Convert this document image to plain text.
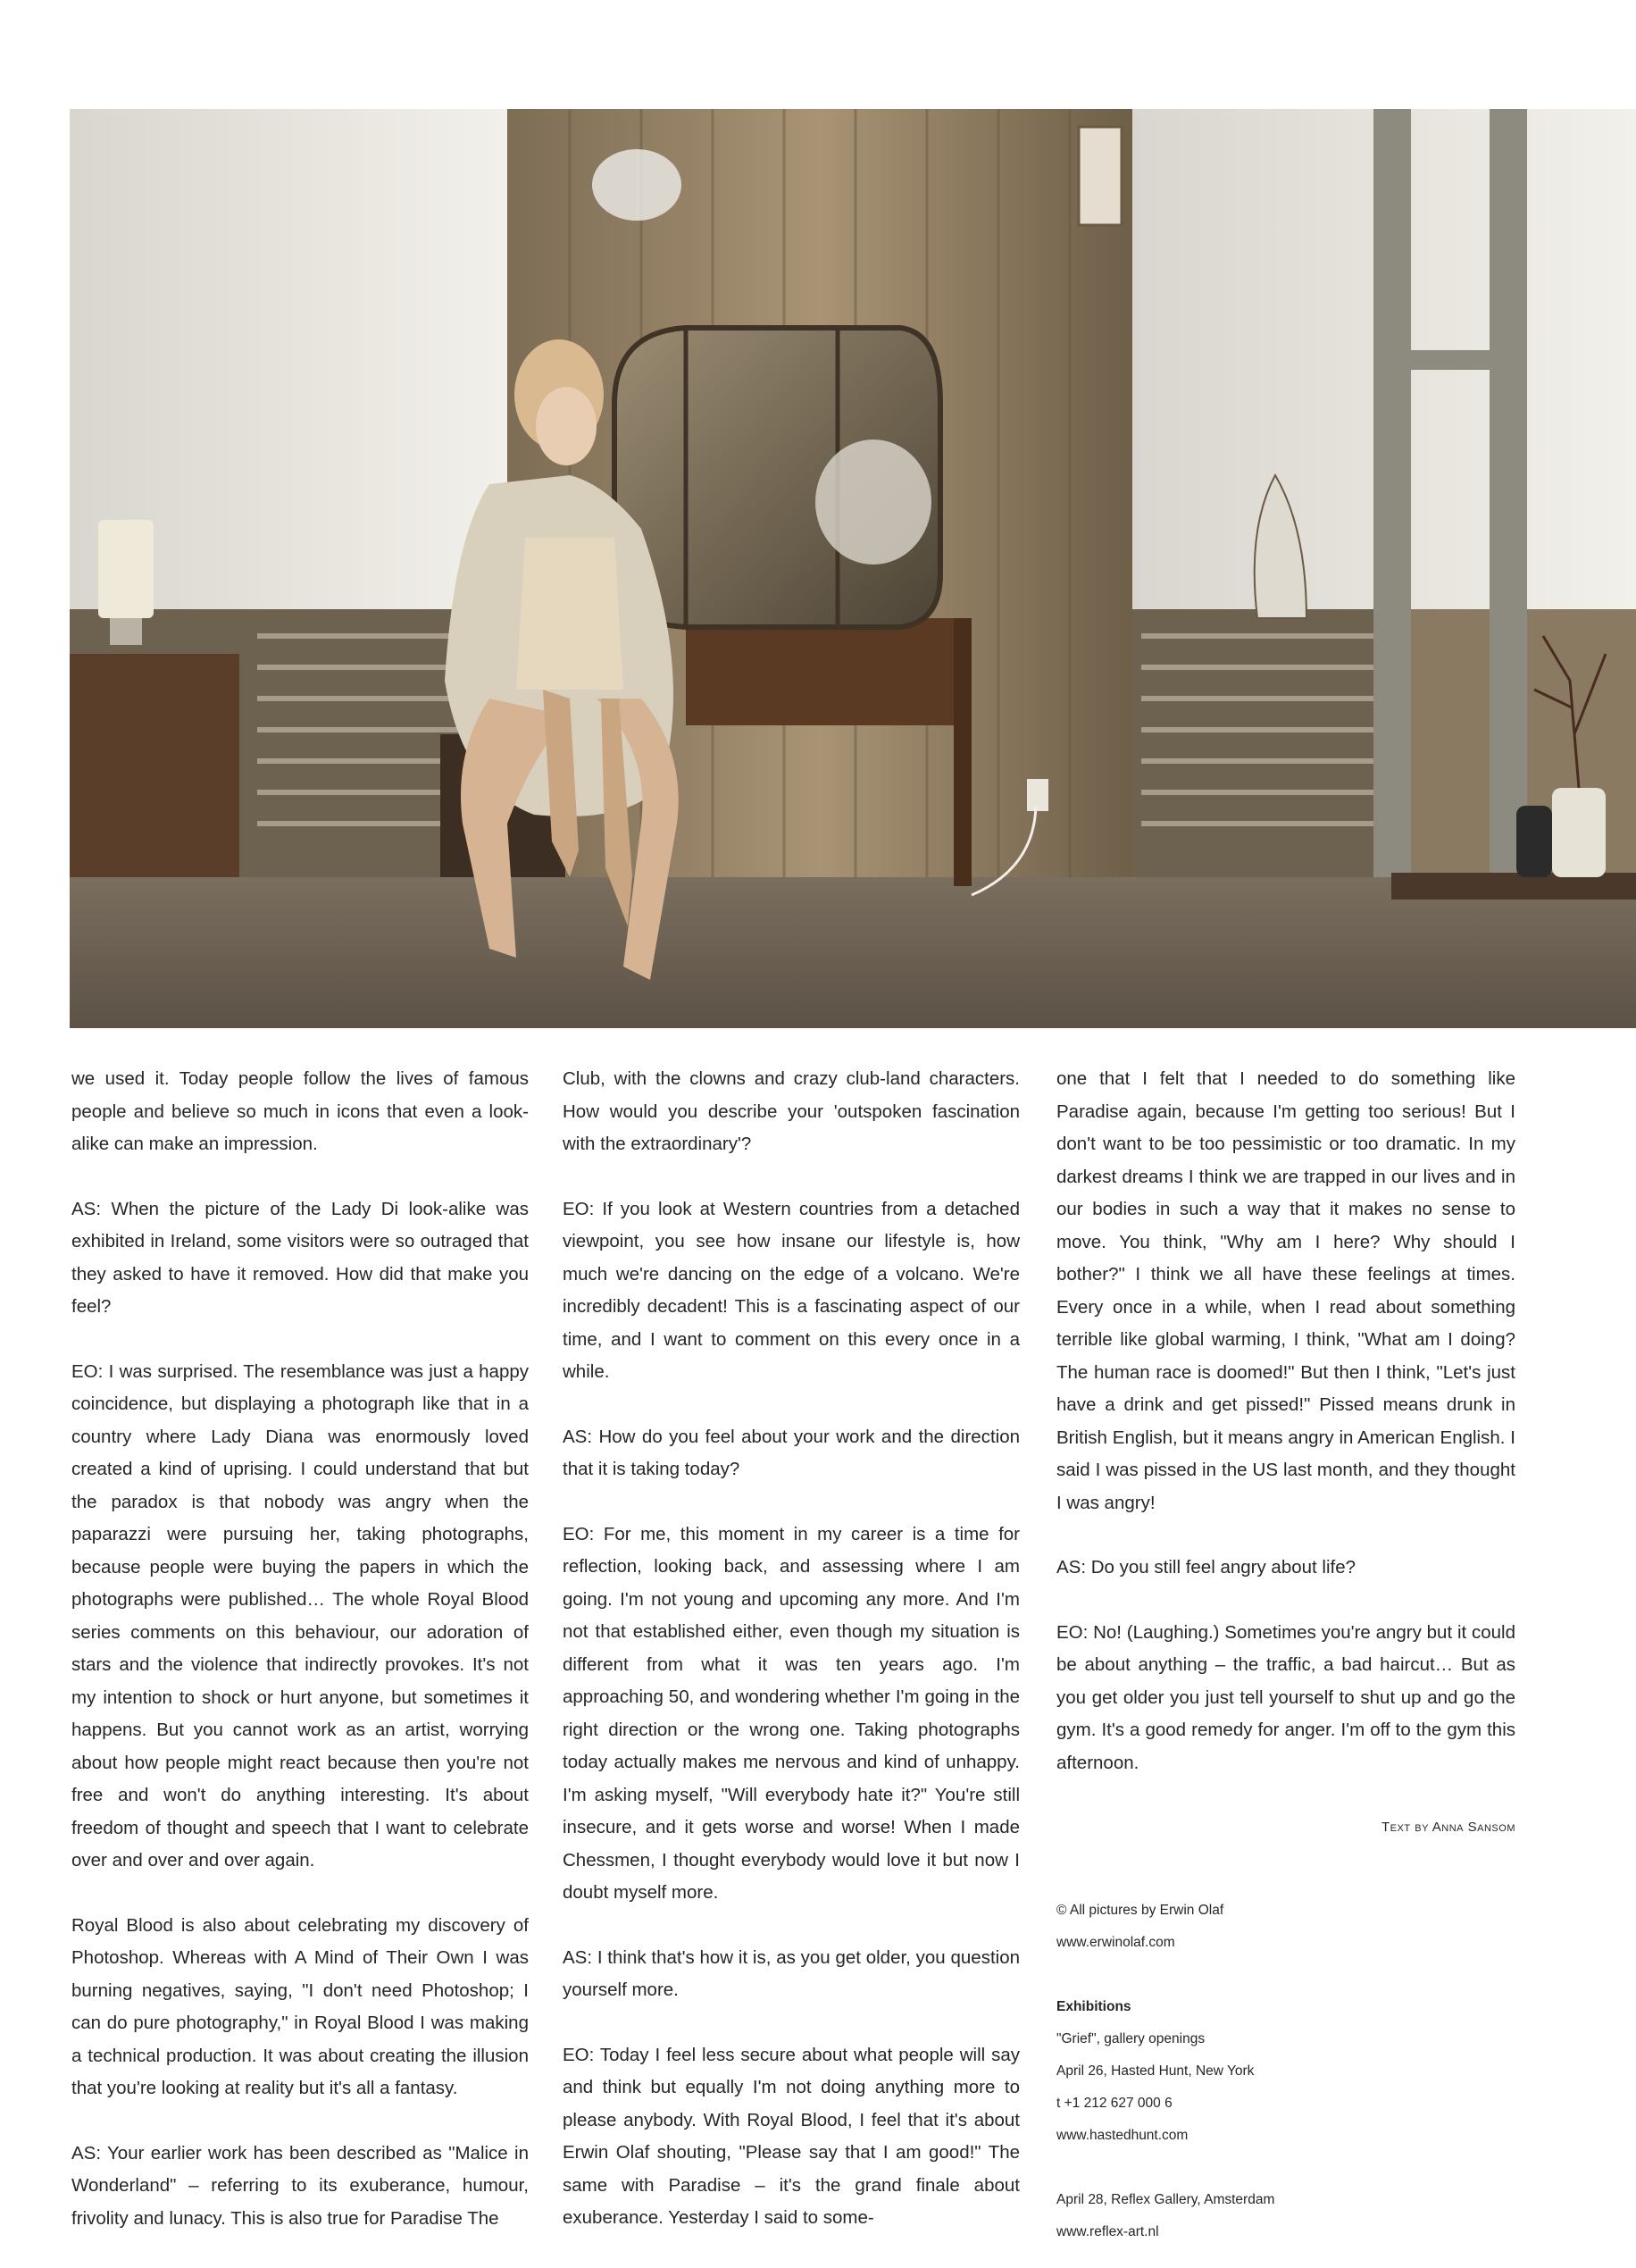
we used it. Today people follow the lives of famous people and believe so much in icons that even a look-alike can make an impression.

AS: When the picture of the Lady Di look-alike was exhibited in Ireland, some visitors were so outraged that they asked to have it removed. How did that make you feel?

EO: I was surprised. The resemblance was just a happy coincidence, but displaying a photograph like that in a country where Lady Diana was enormously loved created a kind of uprising. I could understand that but the paradox is that nobody was angry when the paparazzi were pursuing her, taking photographs, because people were buying the papers in which the photographs were published… The whole Royal Blood series comments on this behaviour, our adoration of stars and the violence that indirectly provokes. It's not my intention to shock or hurt anyone, but sometimes it happens. But you cannot work as an artist, worrying about how people might react because then you're not free and won't do anything interesting. It's about freedom of thought and speech that I want to celebrate over and over and over again.

Royal Blood is also about celebrating my discovery of Photoshop. Whereas with A Mind of Their Own I was burning negatives, saying, "I don't need Photoshop; I can do pure photography," in Royal Blood I was making a technical production. It was about creating the illusion that you're looking at reality but it's all a fantasy.

AS: Your earlier work has been described as "Malice in Wonderland" – referring to its exuberance, humour, frivolity and lunacy. This is also true for Paradise The

Club, with the clowns and crazy club-land characters. How would you describe your 'outspoken fascination with the extraordinary'?

EO: If you look at Western countries from a detached viewpoint, you see how insane our lifestyle is, how much we're dancing on the edge of a volcano. We're incredibly decadent! This is a fascinating aspect of our time, and I want to comment on this every once in a while.

AS: How do you feel about your work and the direction that it is taking today?

EO: For me, this moment in my career is a time for reflection, looking back, and assessing where I am going. I'm not young and upcoming any more. And I'm not that established either, even though my situation is different from what it was ten years ago. I'm approaching 50, and wondering whether I'm going in the right direction or the wrong one. Taking photographs today actually makes me nervous and kind of unhappy. I'm asking myself, "Will everybody hate it?" You're still insecure, and it gets worse and worse! When I made Chessmen, I thought everybody would love it but now I doubt myself more.

AS: I think that's how it is, as you get older, you question yourself more.

EO: Today I feel less secure about what people will say and think but equally I'm not doing anything more to please anybody. With Royal Blood, I feel that it's about Erwin Olaf shouting, "Please say that I am good!" The same with Paradise – it's the grand finale about exuberance. Yesterday I said to some-

one that I felt that I needed to do something like Paradise again, because I'm getting too serious! But I don't want to be too pessimistic or too dramatic. In my darkest dreams I think we are trapped in our lives and in our bodies in such a way that it makes no sense to move. You think, "Why am I here? Why should I bother?" I think we all have these feelings at times. Every once in a while, when I read about something terrible like global warming, I think, "What am I doing? The human race is doomed!" But then I think, "Let's just have a drink and get pissed!" Pissed means drunk in British English, but it means angry in American English. I said I was pissed in the US last month, and they thought I was angry!

AS: Do you still feel angry about life?

EO: No! (Laughing.) Sometimes you're angry but it could be about anything – the traffic, a bad haircut… But as you get older you just tell yourself to shut up and go the gym. It's a good remedy for anger. I'm off to the gym this afternoon.

Text by Anna Sansom
© All pictures by Erwin Olaf
www.erwinolaf.com
Exhibitions
"Grief", gallery openings
April 26, Hasted Hunt, New York
t +1 212 627 000 6
www.hastedhunt.com
April 28, Reflex Gallery, Amsterdam
www.reflex-art.nl
